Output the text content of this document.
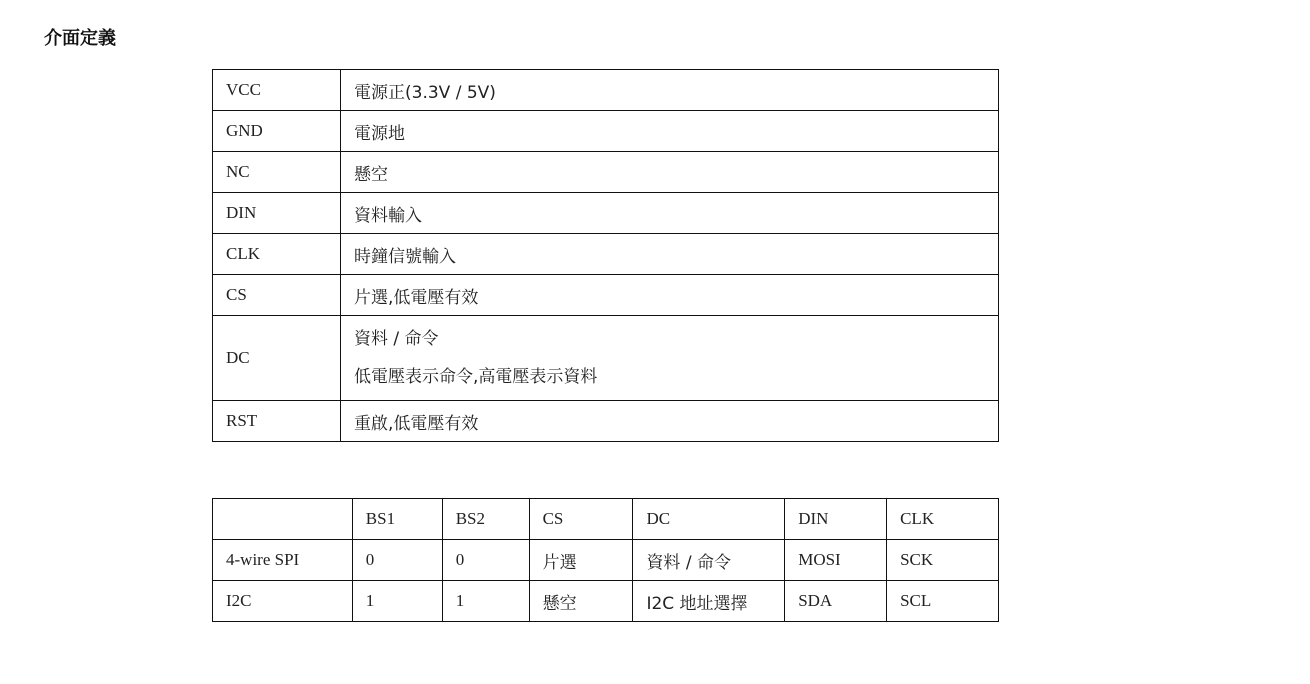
介面定義
VCC	電源正(3.3V / 5V)
GND	電源地
NC	懸空
DIN	資料輸入
CLK	時鐘信號輸入
CS	片選,低電壓有效
DC	資料 / 命令
低電壓表示命令,高電壓表示資料

RST	重啟,低電壓有效
	BS1	BS2	CS	DC	DIN	CLK
4-wire SPI	0	0	片選	資料 / 命令	MOSI	SCK
I2C	1	1	懸空	I2C 地址選擇	SDA	SCL
